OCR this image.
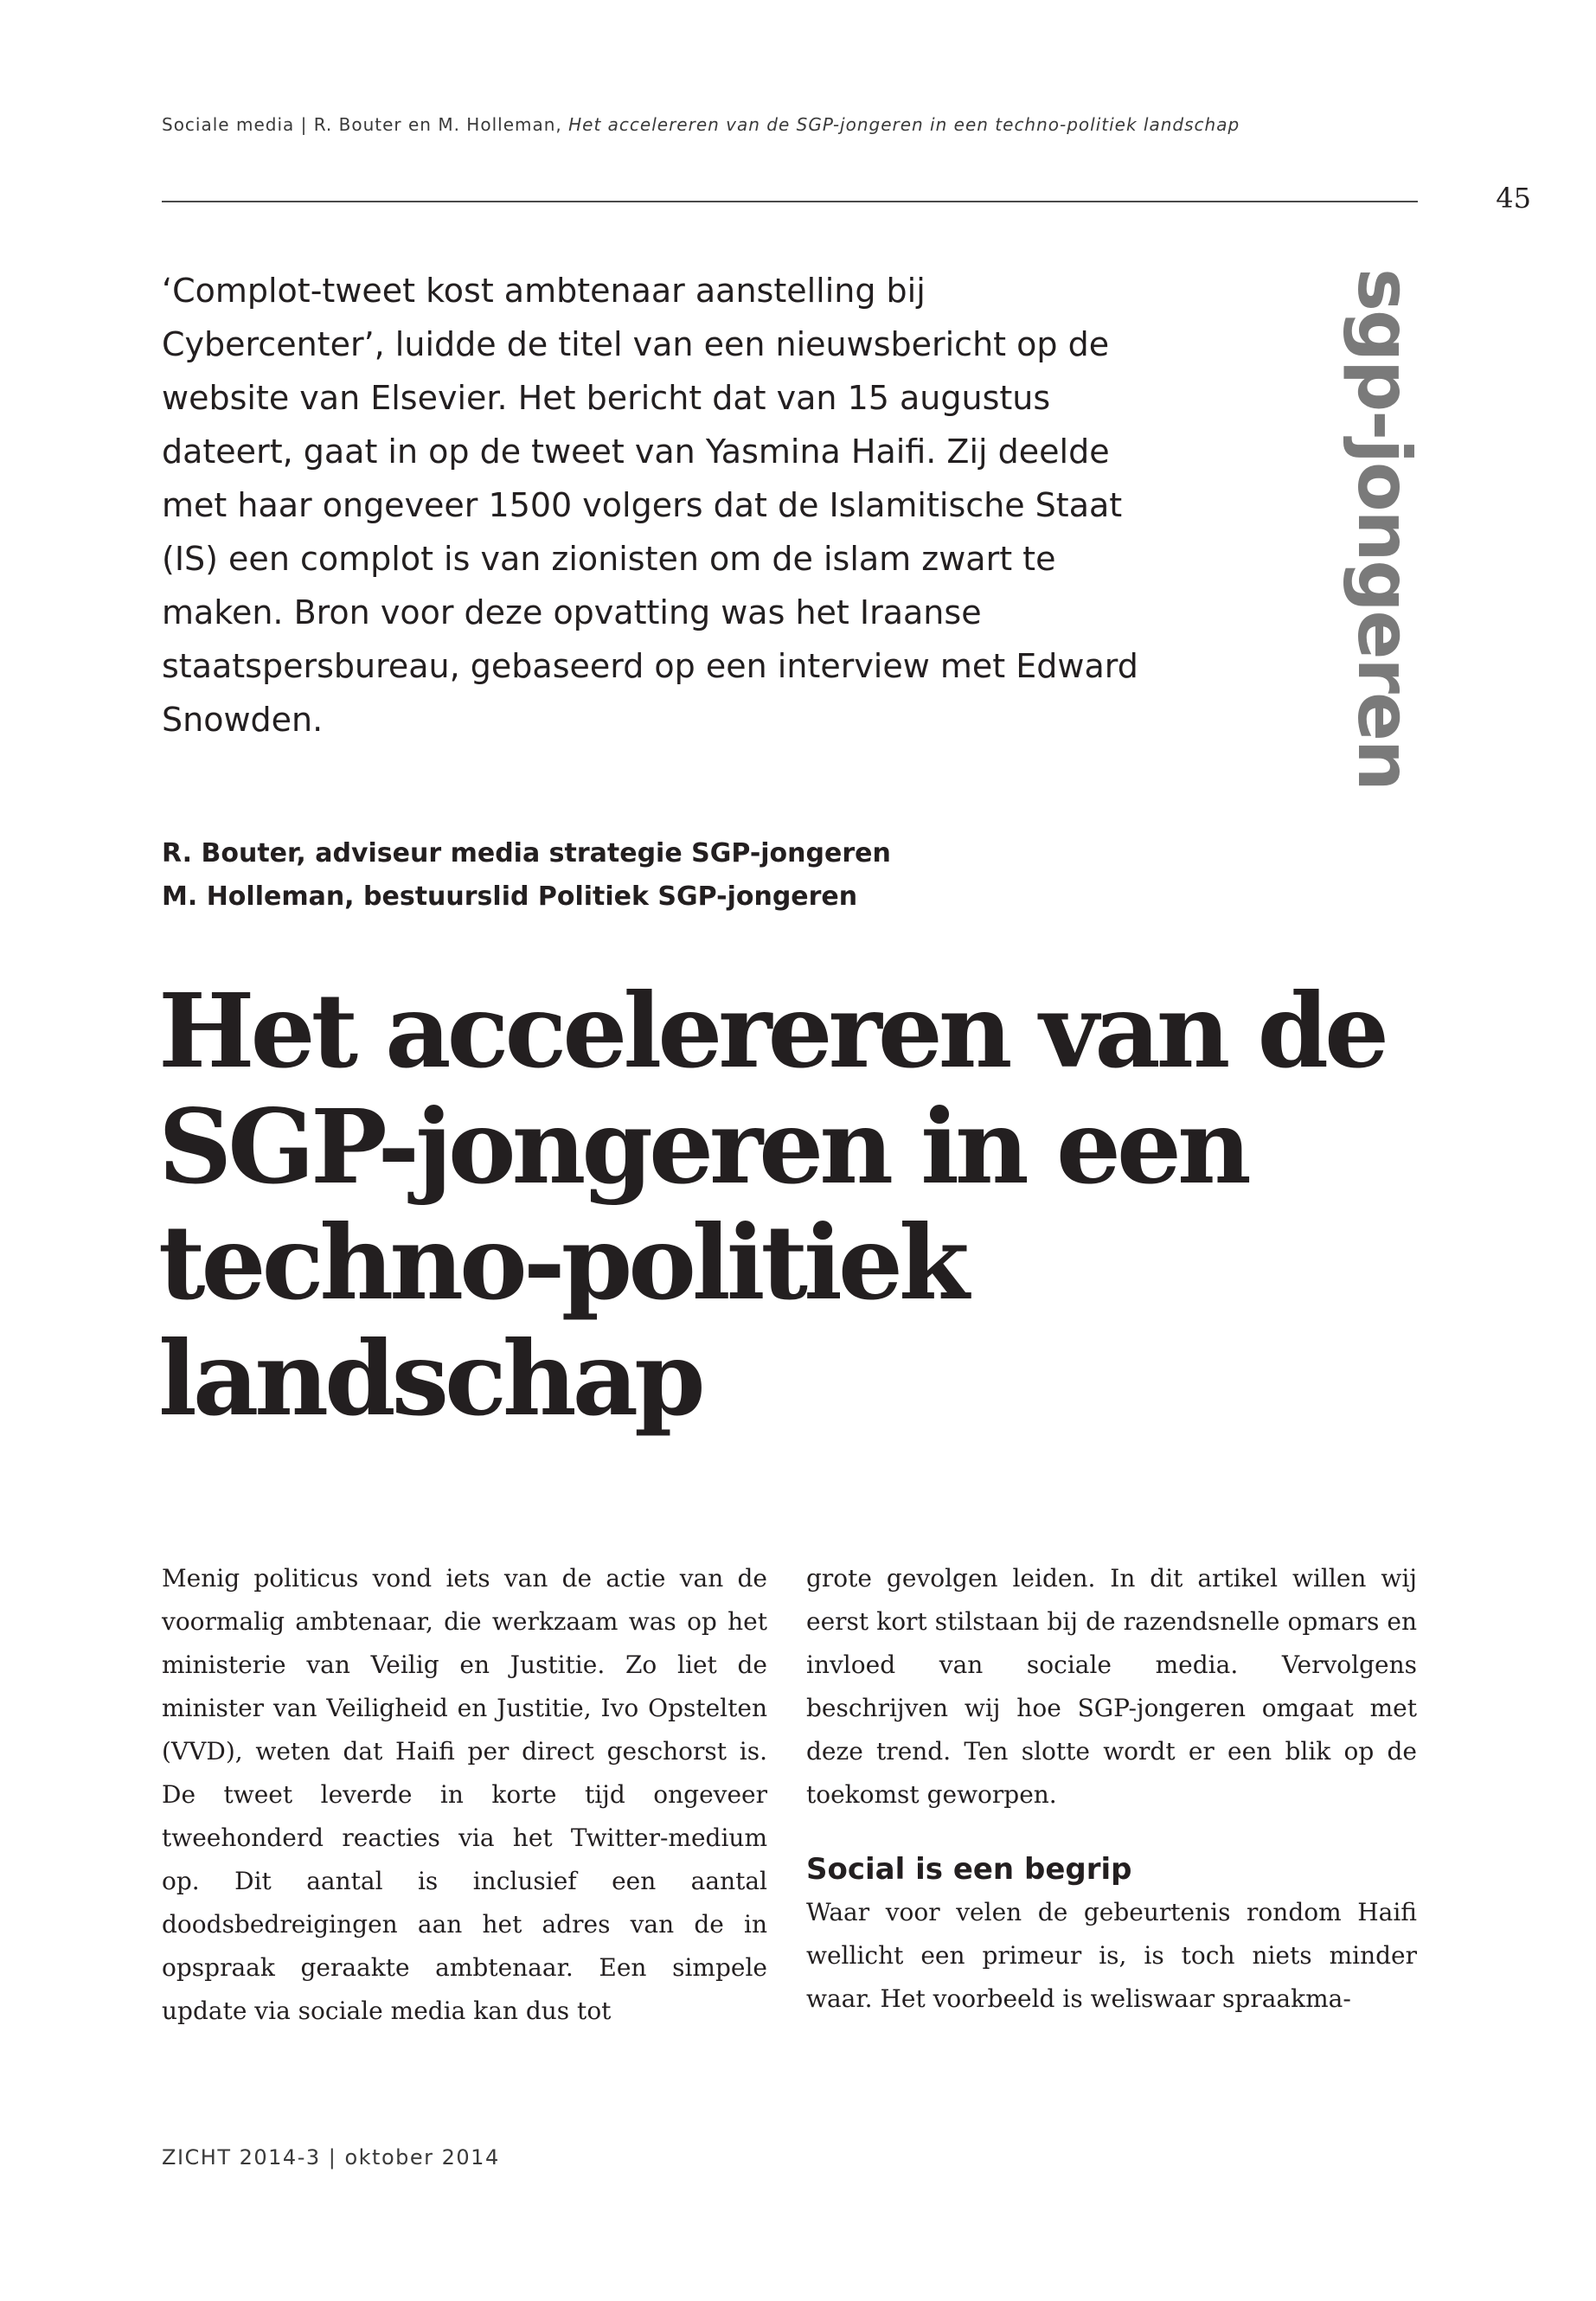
Sociale media | R. Bouter en M. Holleman, Het accelereren van de SGP-jongeren in een techno-politiek landschap
45
sgp-jongeren

‘Complot-tweet kost ambtenaar aanstelling bij Cybercenter’, luidde de titel van een nieuwsbericht op de website van Elsevier. Het bericht dat van 15 augustus dateert, gaat in op de tweet van Yasmina Haifi. Zij deelde met haar ongeveer 1500 volgers dat de Islamitische Staat (IS) een complot is van zionisten om de islam zwart te maken. Bron voor deze opvatting was het Iraanse staatspersbureau, gebaseerd op een interview met Edward Snowden.

R. Bouter, adviseur media strategie SGP-jongeren
M. Holleman, bestuurslid Politiek SGP-jongeren
Het accelereren van de SGP-jongeren in een techno-politiek landschap

Menig politicus vond iets van de actie van de voormalig ambtenaar, die werkzaam was op het ministerie van Veilig en Justitie. Zo liet de minister van Veiligheid en Justitie, Ivo Opstelten (VVD), weten dat Haifi per direct geschorst is. De tweet leverde in korte tijd ongeveer tweehonderd reacties via het Twitter-medium op. Dit aantal is inclusief een aantal doodsbedreigingen aan het adres van de in opspraak geraakte ambtenaar. Een simpele update via sociale media kan dus tot

grote gevolgen leiden. In dit artikel willen wij eerst kort stilstaan bij de razendsnelle opmars en invloed van sociale media. Vervolgens beschrijven wij hoe SGP-jongeren omgaat met deze trend. Ten slotte wordt er een blik op de toekomst geworpen.

Social is een begrip

Waar voor velen de gebeurtenis rondom Haifi wellicht een primeur is, is toch niets minder waar. Het voorbeeld is weliswaar spraakma-

ZICHT 2014-3 | oktober 2014
